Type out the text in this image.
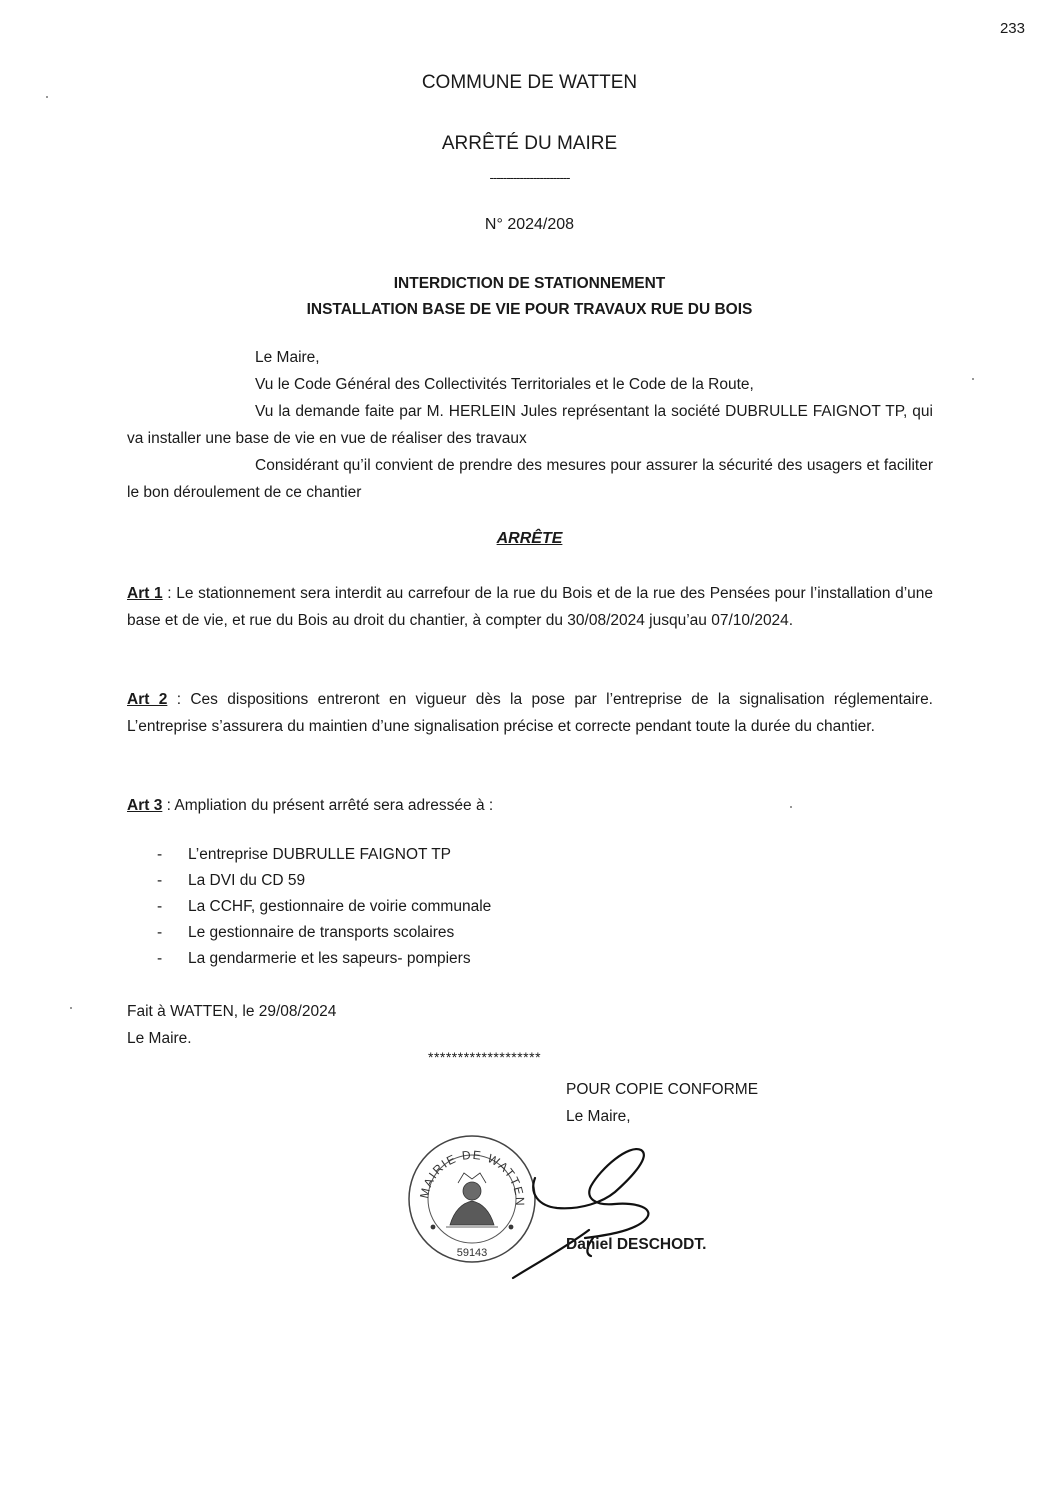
233
COMMUNE DE WATTEN
ARRÊTÉ DU MAIRE
------------------------
N° 2024/208
INTERDICTION DE STATIONNEMENT
INSTALLATION BASE DE VIE POUR TRAVAUX RUE DU BOIS
Le Maire,
Vu le Code Général des Collectivités Territoriales et le Code de la Route,
Vu la demande faite par M. HERLEIN Jules représentant la société DUBRULLE FAIGNOT TP, qui va installer une base de vie en vue de réaliser des travaux
Considérant qu’il convient de prendre des mesures pour assurer la sécurité des usagers et faciliter le bon déroulement de ce chantier
ARRÊTE
Art 1 : Le stationnement sera interdit au carrefour de la rue du Bois et de la rue des Pensées pour l’installation d’une base et de vie, et rue du Bois au droit du chantier, à compter du 30/08/2024 jusqu’au 07/10/2024.
Art 2 : Ces dispositions entreront en vigueur dès la pose par l’entreprise de la signalisation réglementaire. L’entreprise s’assurera du maintien d’une signalisation précise et correcte pendant toute la durée du chantier.
Art 3 : Ampliation du présent arrêté sera adressée à :
- L’entreprise DUBRULLE FAIGNOT TP
- La DVI du CD 59
- La CCHF, gestionnaire de voirie communale
- Le gestionnaire de transports scolaires
- La gendarmerie et les sapeurs- pompiers
Fait à WATTEN, le 29/08/2024
Le Maire.
*******************
POUR COPIE CONFORME
Le Maire,
MAIRIE DE WATTEN
59143	Daniel DESCHODT.
